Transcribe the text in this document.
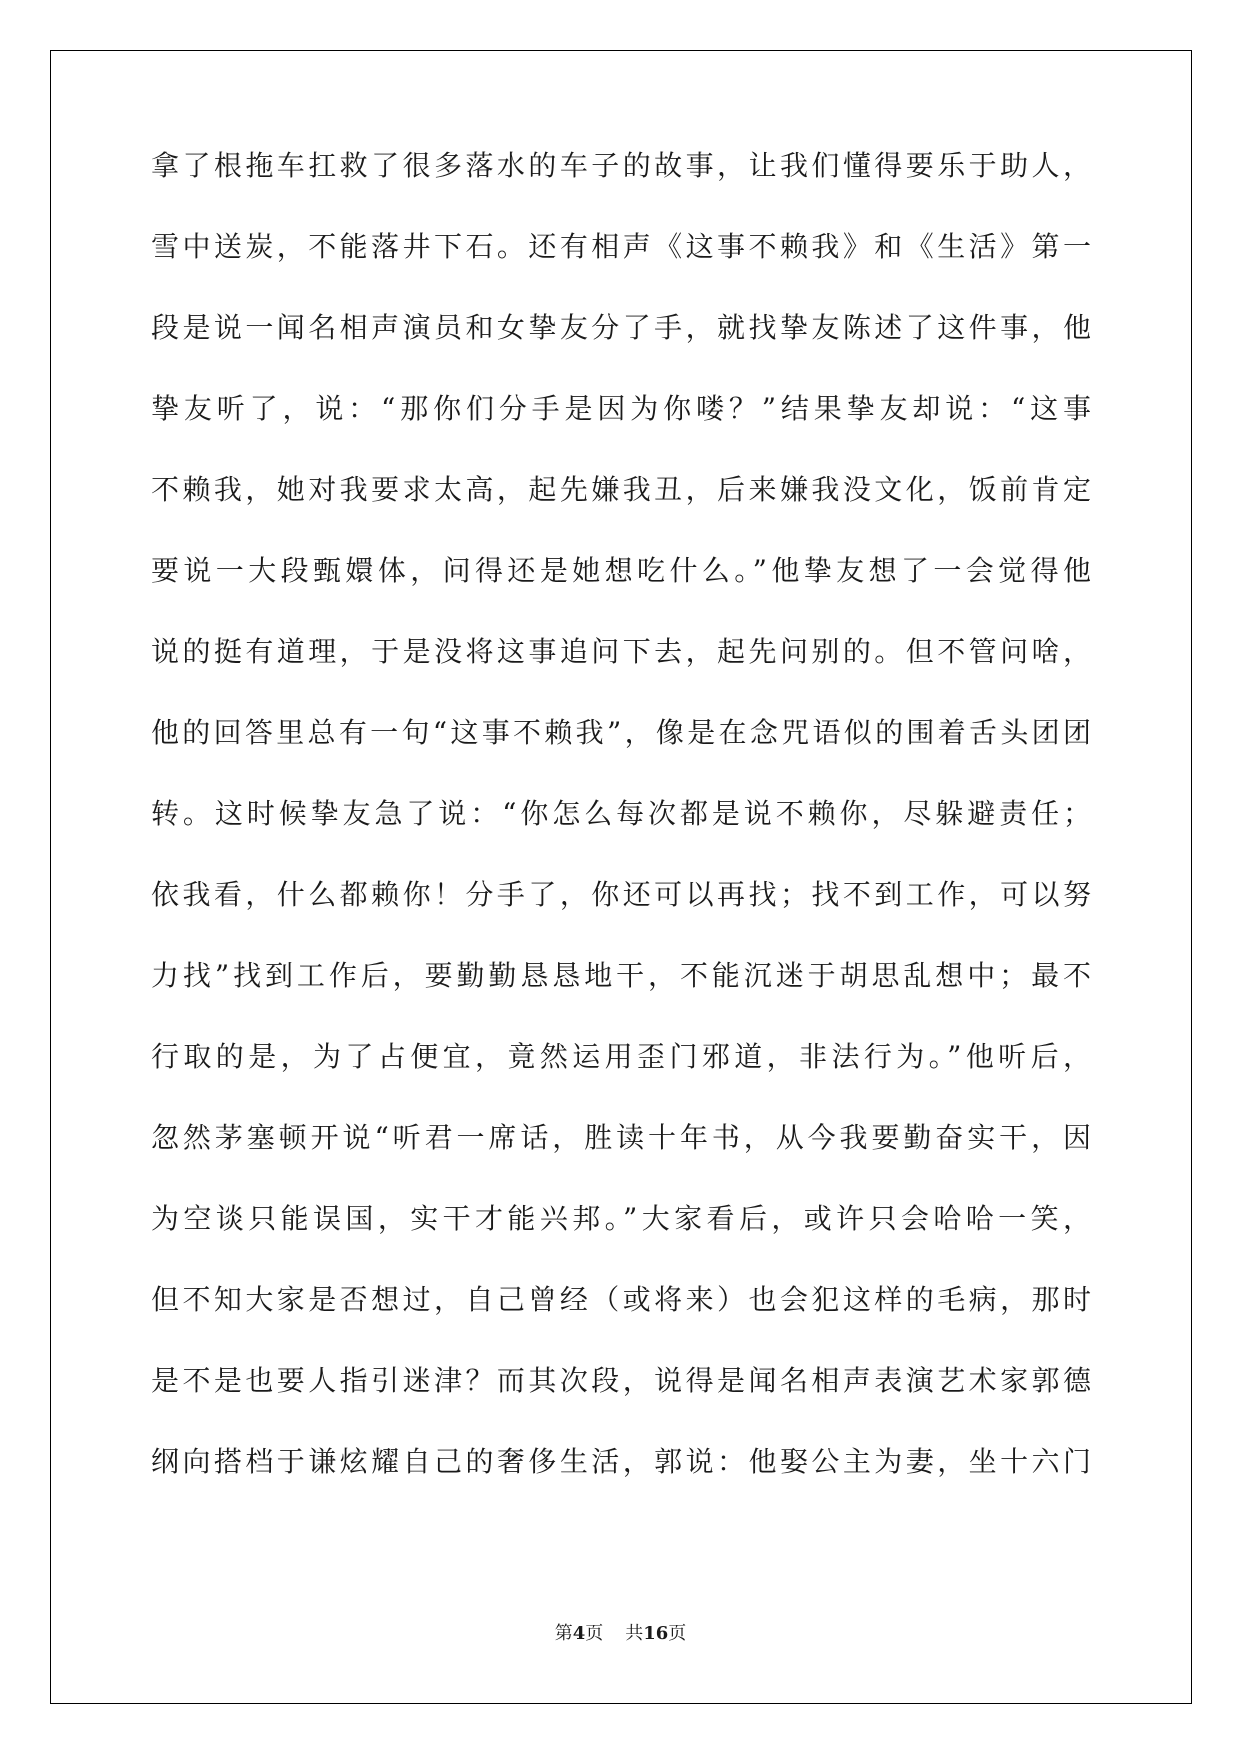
拿了根拖车扛救了很多落水的车子的故事，让我们懂得要乐于助人，
雪中送炭，不能落井下石。还有相声《这事不赖我》和《生活》第一
段是说一闻名相声演员和女挚友分了手，就找挚友陈述了这件事，他
挚友听了，说：“那你们分手是因为你喽？”结果挚友却说：“这事
不赖我，她对我要求太高，起先嫌我丑，后来嫌我没文化，饭前肯定
要说一大段甄嬛体，问得还是她想吃什么。”他挚友想了一会觉得他
说的挺有道理，于是没将这事追问下去，起先问别的。但不管问啥，
他的回答里总有一句“这事不赖我”，像是在念咒语似的围着舌头团团
转。这时候挚友急了说：“你怎么每次都是说不赖你，尽躲避责任；
依我看，什么都赖你！分手了，你还可以再找；找不到工作，可以努
力找”找到工作后，要勤勤恳恳地干，不能沉迷于胡思乱想中；最不
行取的是，为了占便宜，竟然运用歪门邪道，非法行为。”他听后，
忽然茅塞顿开说“听君一席话，胜读十年书，从今我要勤奋实干，因
为空谈只能误国，实干才能兴邦。”大家看后，或许只会哈哈一笑，
但不知大家是否想过，自己曾经（或将来）也会犯这样的毛病，那时
是不是也要人指引迷津？而其次段，说得是闻名相声表演艺术家郭德
纲向搭档于谦炫耀自己的奢侈生活，郭说：他娶公主为妻，坐十六门
第4页 共16页
